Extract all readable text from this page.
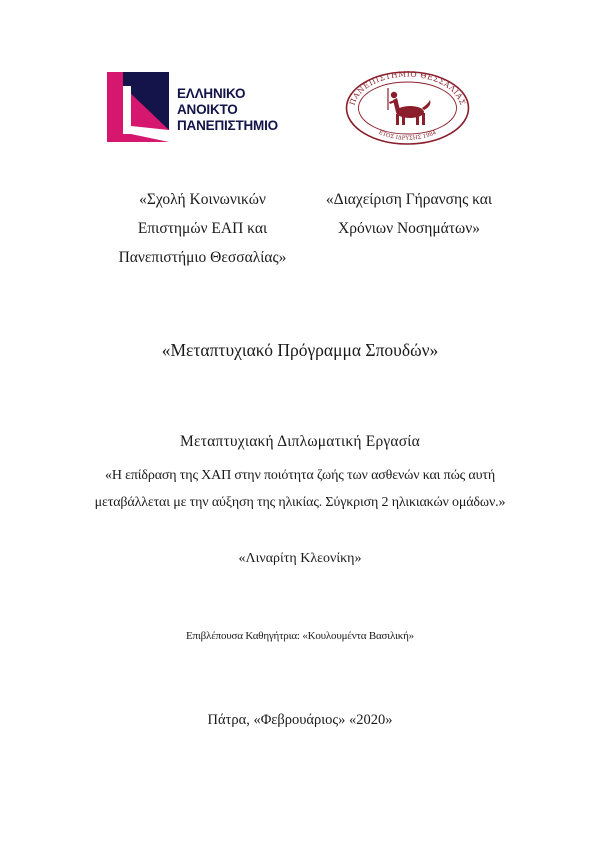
ΕΛΛΗΝΙΚΟ
ΑΝΟΙΚΤΟ
ΠΑΝΕΠΙΣΤΗΜΙΟ
ΠΑΝΕΠΙΣΤΗΜΙΟ ΘΕΣΣΑΛΙΑΣ
ΕΤΟΣ ΙΔΡΥΣΗΣ 1984
«Σχολή Κοινωνικών
Επιστημών ΕΑΠ και
Πανεπιστήμιο Θεσσαλίας»
«Διαχείριση Γήρανσης και
Χρόνιων Νοσημάτων»
«Μεταπτυχιακό Πρόγραμμα Σπουδών»
Μεταπτυχιακή Διπλωματική Εργασία
«Η επίδραση της ΧΑΠ στην ποιότητα ζωής των ασθενών και πώς αυτή
μεταβάλλεται με την αύξηση της ηλικίας. Σύγκριση 2 ηλικιακών ομάδων.»
«Λιναρίτη Κλεονίκη»
Επιβλέπουσα Καθηγήτρια: «Κουλουμέντα Βασιλική»
Πάτρα, «Φεβρουάριος» «2020»
